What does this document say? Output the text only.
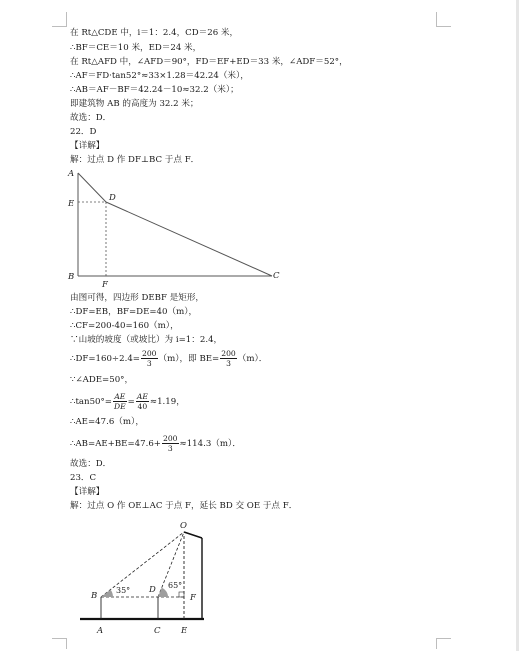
在 Rt△CDE 中，i＝1：2.4，CD＝26 米，
∴BF＝CE＝10 米，ED＝24 米，
在 Rt△AFD 中，∠AFD＝90°，FD＝EF+ED＝33 米，∠ADF＝52°，
∴AF＝FD·tan52°≈33×1.28＝42.24（米），
∴AB＝AF－BF＝42.24－10≈32.2（米）；
即建筑物 AB 的高度为 32.2 米；
故选：D．
22．D
【详解】
解：过点 D 作 DF⊥BC 于点 F．
A
D
E
B
F
C
由图可得，四边形 DEBF 是矩形，
∴DF=EB，BF=DE=40（m），
∴CF=200-40=160（m），
∵山坡的坡度（或坡比）为 i=1：2.4，
∴DF=160÷2.4= $\frac{200}{3} (m)$，即 $BE= \frac{200}{3} (m)$．
∵∠ADE=50°，
∴tan50°= $\frac{AE}{DE} = \frac{AE}{40} \approx 1.19$，
∴AE=47.6（m），
∴AB=AE+BE=47.6+ $\frac{200}{3} \approx 114.3(m)$．
故选：D．
23．C
【详解】
解：过点 O 作 OE⊥AC 于点 F，延长 BD 交 OE 于点 F．
O
B
D
F
A	C E
35°
65°
